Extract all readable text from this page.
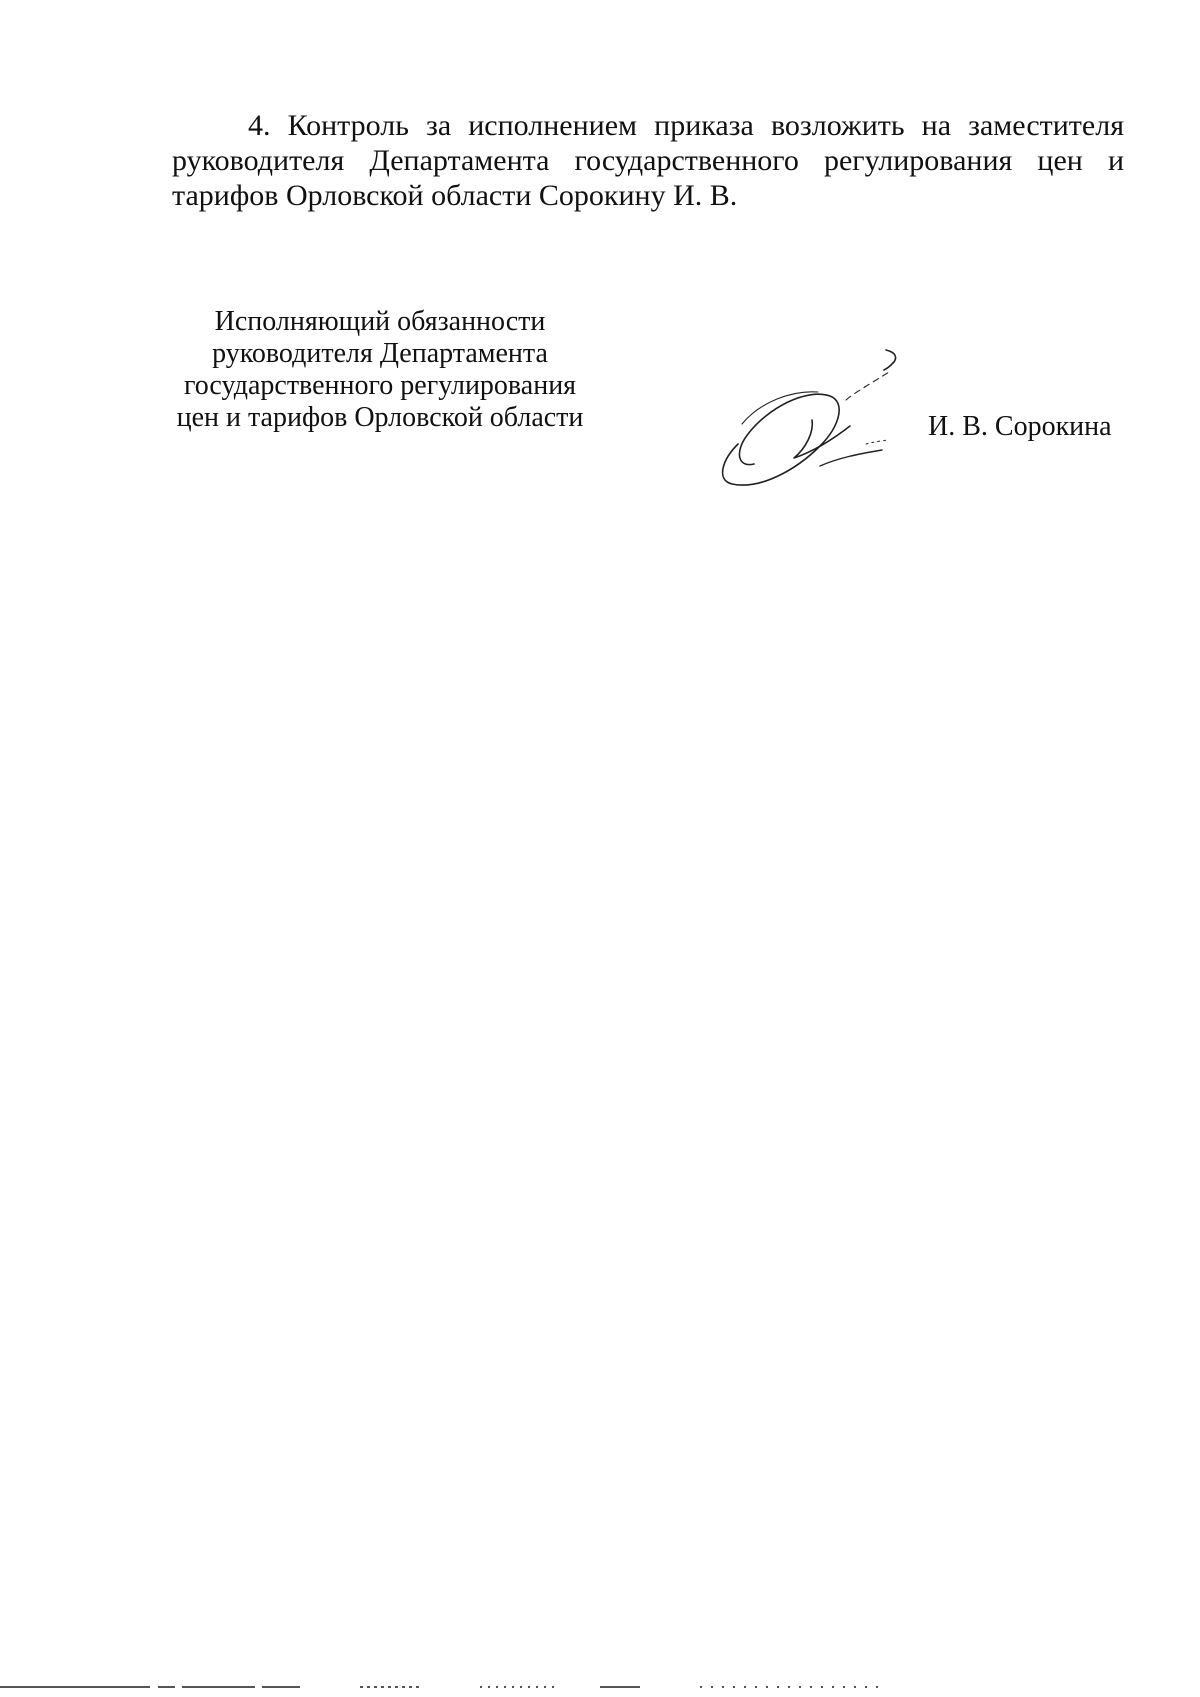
4. Контроль за исполнением приказа возложить на заместителя руководителя Департамента государственного регулирования цен и тарифов Орловской области Сорокину И. В.

Исполняющий обязанности
руководителя Департамента
государственного регулирования
цен и тарифов Орловской области	И. В. Сорокина
